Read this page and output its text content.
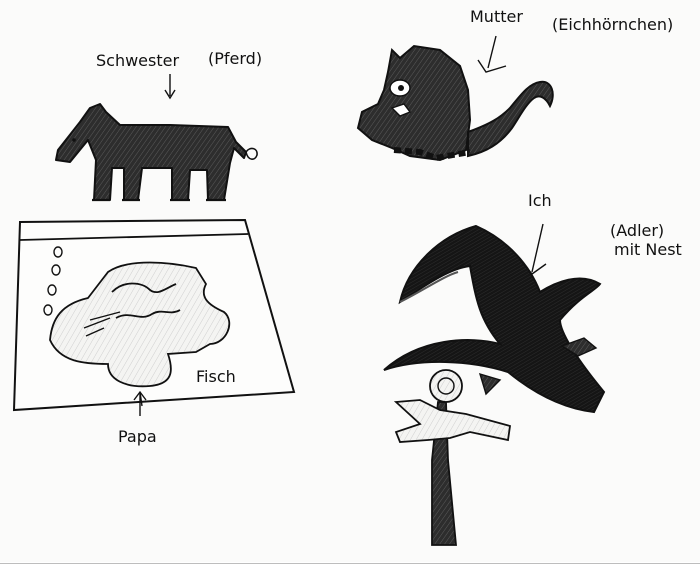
Schwester (Pferd)
Mutter (Eichhörnchen)
Fisch
Papa
Ich
(Adler)
mit Nest
